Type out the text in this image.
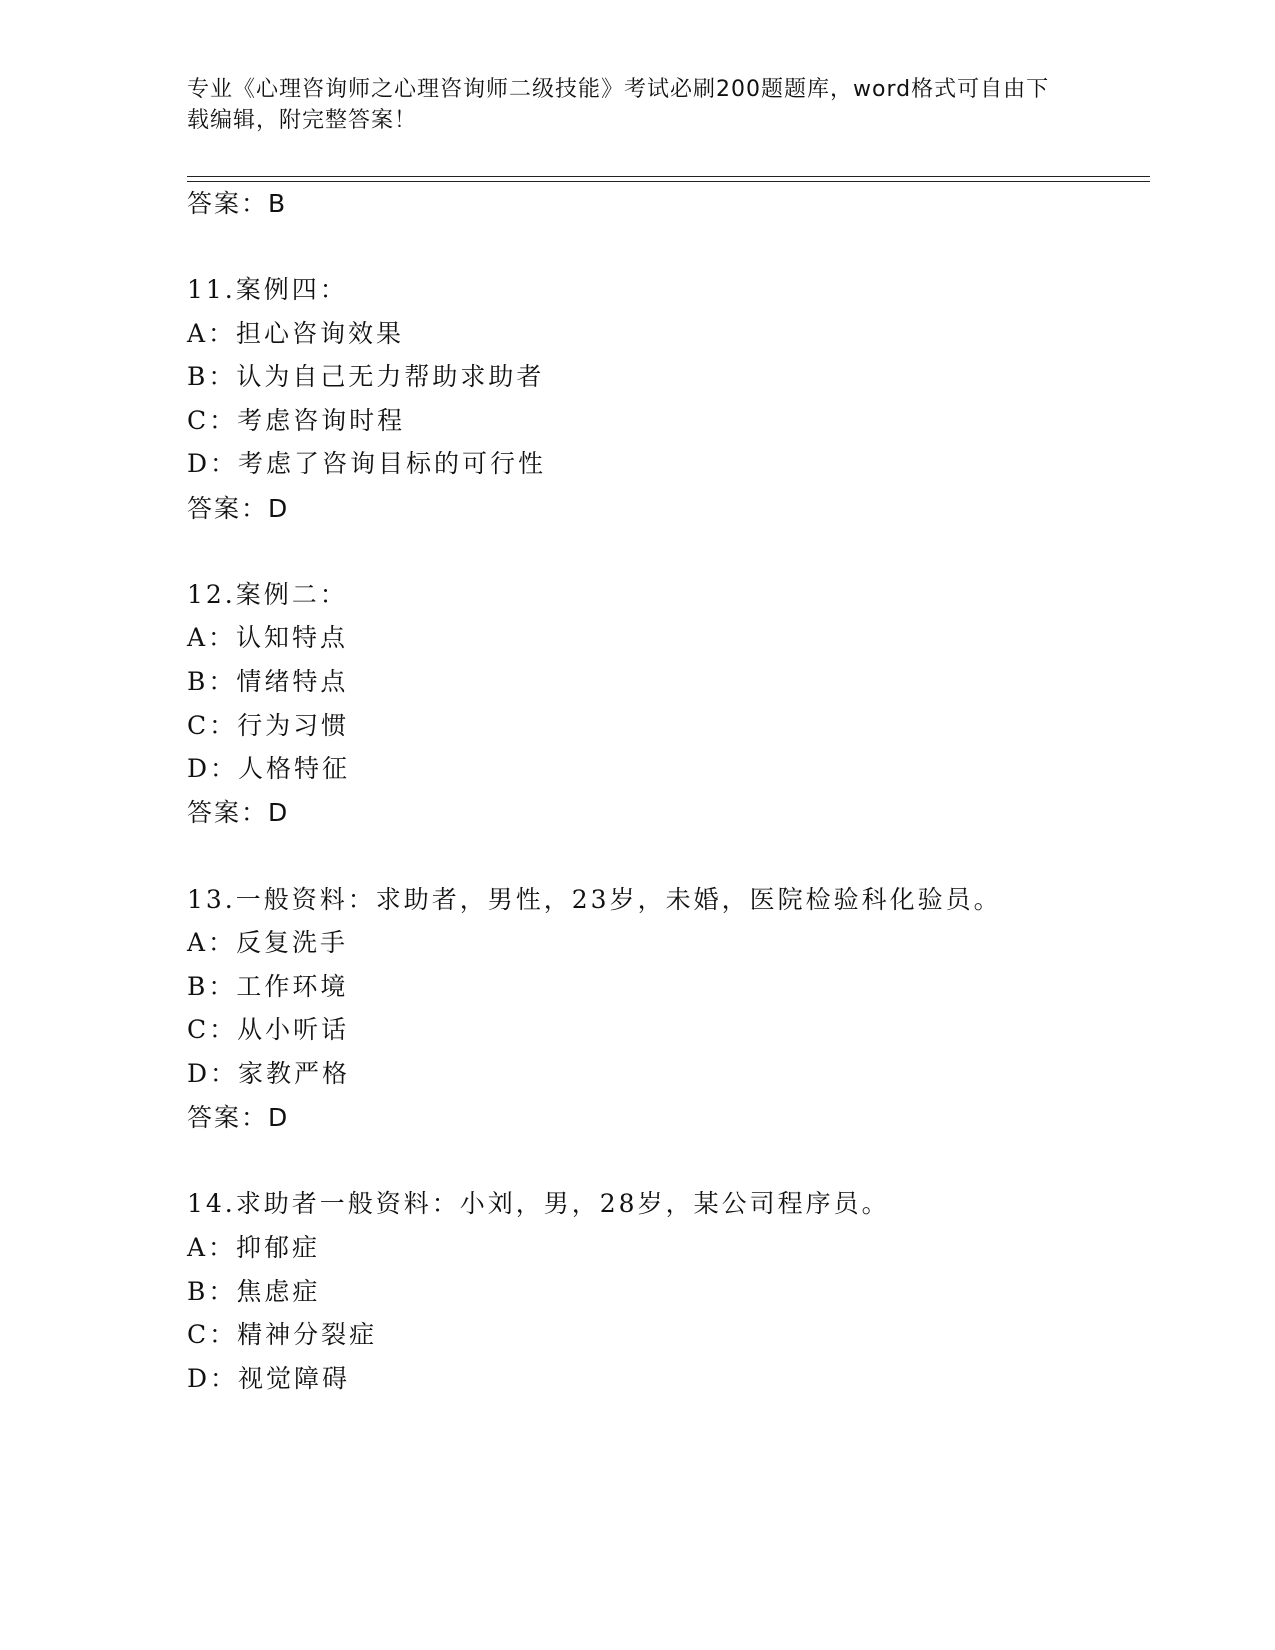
专业《心理咨询师之心理咨询师二级技能》考试必刷200题题库，word格式可自由下载编辑，附完整答案！
答案：B
11.案例四：
A：担心咨询效果
B：认为自己无力帮助求助者
C：考虑咨询时程
D：考虑了咨询目标的可行性
答案：D
12.案例二：
A：认知特点
B：情绪特点
C：行为习惯
D：人格特征
答案：D
13.一般资料：求助者，男性，23岁，未婚，医院检验科化验员。
A：反复洗手
B：工作环境
C：从小听话
D：家教严格
答案：D
14.求助者一般资料：小刘，男，28岁，某公司程序员。
A：抑郁症
B：焦虑症
C：精神分裂症
D：视觉障碍
